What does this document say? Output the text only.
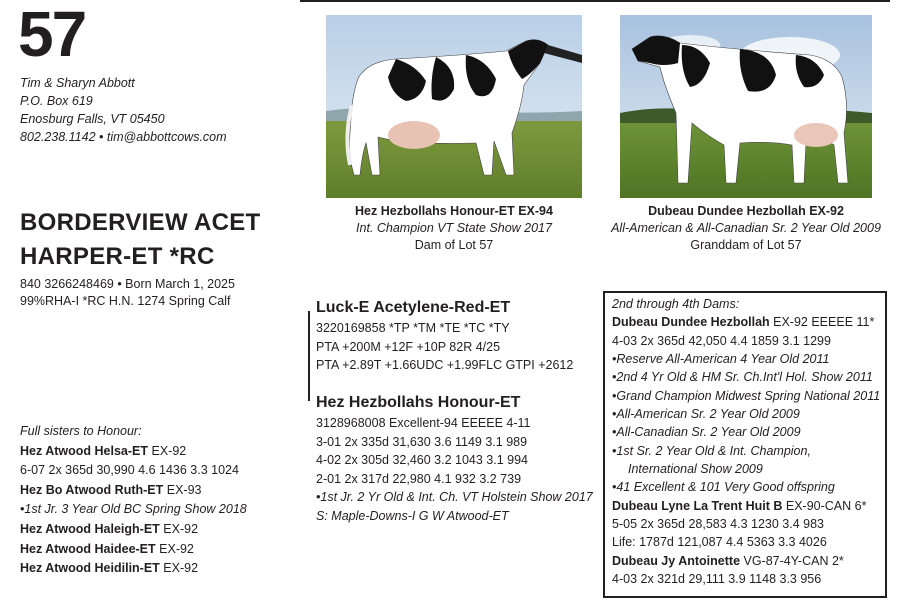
57
Tim & Sharyn Abbott
P.O. Box 619
Enosburg Falls, VT 05450
802.238.1142 • tim@abbottcows.com
Hez Hezbollahs Honour-ET EX-94
Int. Champion VT State Show 2017
Dam of Lot 57
Dubeau Dundee Hezbollah EX-92
All-American & All-Canadian Sr. 2 Year Old 2009
Granddam of Lot 57
BORDERVIEW ACET
HARPER-ET *RC
840 3266248469 • Born March 1, 2025
99%RHA-I *RC H.N. 1274 Spring Calf	Luck-E Acetylene-Red-ET
3220169858 *TP *TM *TE *TC *TY
PTA +200M +12F +10P 82R 4/25
PTA +2.89T +1.66UDC +1.99FLC GTPI +2612
Hez Hezbollahs Honour-ET
3128968008 Excellent-94 EEEEE 4-11
3-01 2x 335d 31,630 3.6 1149 3.1 989
4-02 2x 305d 32,460 3.2 1043 3.1 994
2-01 2x 317d 22,980 4.1 932 3.2 739
•1st Jr. 2 Yr Old & Int. Ch. VT Holstein Show 2017
S: Maple-Downs-I G W Atwood-ET
Full sisters to Honour:
Hez Atwood Helsa-ET EX-92
6-07 2x 365d 30,990 4.6 1436 3.3 1024
Hez Bo Atwood Ruth-ET EX-93
•1st Jr. 3 Year Old BC Spring Show 2018
Hez Atwood Haleigh-ET EX-92
Hez Atwood Haidee-ET EX-92
Hez Atwood Heidilin-ET EX-92
2nd through 4th Dams:
Dubeau Dundee Hezbollah EX-92 EEEEE 11*
4-03 2x 365d 42,050 4.4 1859 3.1 1299
•Reserve All-American 4 Year Old 2011
•2nd 4 Yr Old & HM Sr. Ch.Int'l Hol. Show 2011
•Grand Champion Midwest Spring National 2011
•All-American Sr. 2 Year Old 2009
•All-Canadian Sr. 2 Year Old 2009
•1st Sr. 2 Year Old & Int. Champion,
International Show 2009
•41 Excellent & 101 Very Good offspring
Dubeau Lyne La Trent Huit B EX-90-CAN 6*
5-05 2x 365d 28,583 4.3 1230 3.4 983
Life: 1787d 121,087 4.4 5363 3.3 4026
Dubeau Jy Antoinette VG-87-4Y-CAN 2*
4-03 2x 321d 29,111 3.9 1148 3.3 956
